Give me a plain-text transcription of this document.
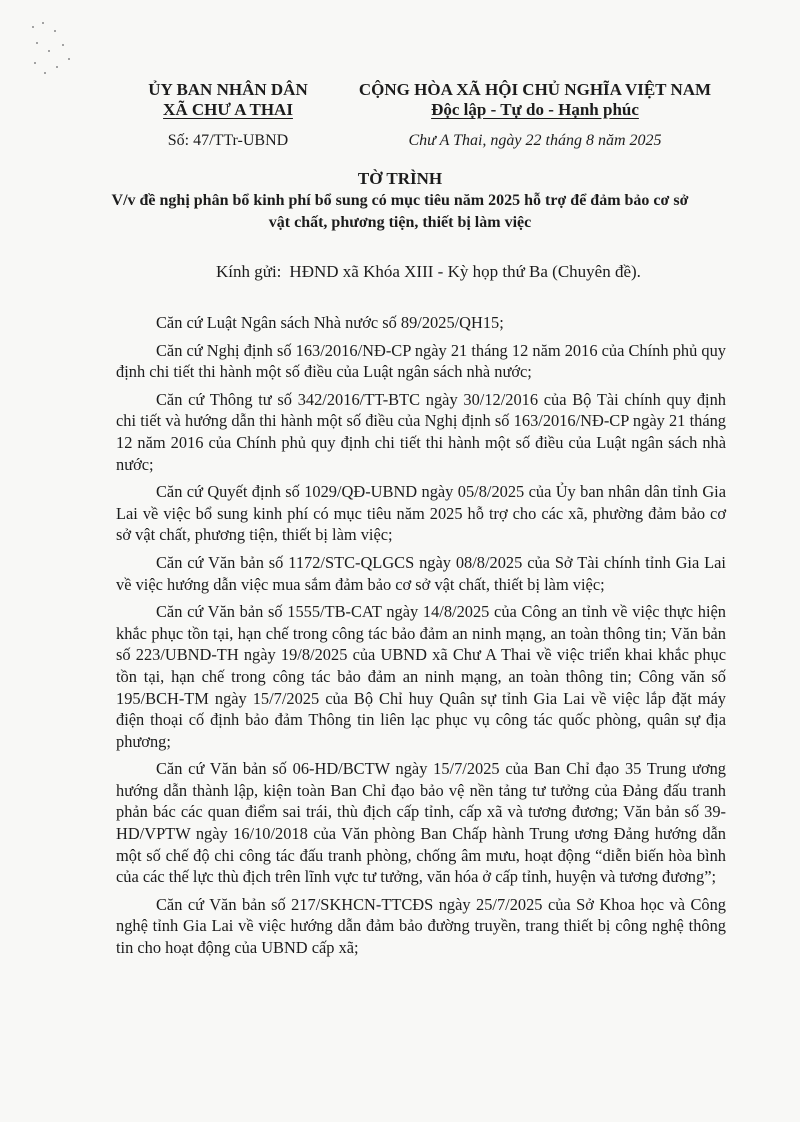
ỦY BAN NHÂN DÂN
XÃ CHƯ A THAI
Số: 47/TTr-UBND
CỘNG HÒA XÃ HỘI CHỦ NGHĨA VIỆT NAM
Độc lập - Tự do - Hạnh phúc
Chư A Thai, ngày 22 tháng 8 năm 2025
TỜ TRÌNH
V/v đề nghị phân bổ kinh phí bổ sung có mục tiêu năm 2025 hỗ trợ để đảm bảo cơ sở vật chất, phương tiện, thiết bị làm việc
Kính gửi: HĐND xã Khóa XIII - Kỳ họp thứ Ba (Chuyên đề).

Căn cứ Luật Ngân sách Nhà nước số 89/2025/QH15;

Căn cứ Nghị định số 163/2016/NĐ-CP ngày 21 tháng 12 năm 2016 của Chính phủ quy định chi tiết thi hành một số điều của Luật ngân sách nhà nước;

Căn cứ Thông tư số 342/2016/TT-BTC ngày 30/12/2016 của Bộ Tài chính quy định chi tiết và hướng dẫn thi hành một số điều của Nghị định số 163/2016/NĐ-CP ngày 21 tháng 12 năm 2016 của Chính phủ quy định chi tiết thi hành một số điều của Luật ngân sách nhà nước;

Căn cứ Quyết định số 1029/QĐ-UBND ngày 05/8/2025 của Ủy ban nhân dân tỉnh Gia Lai về việc bổ sung kinh phí có mục tiêu năm 2025 hỗ trợ cho các xã, phường đảm bảo cơ sở vật chất, phương tiện, thiết bị làm việc;

Căn cứ Văn bản số 1172/STC-QLGCS ngày 08/8/2025 của Sở Tài chính tỉnh Gia Lai về việc hướng dẫn việc mua sắm đảm bảo cơ sở vật chất, thiết bị làm việc;

Căn cứ Văn bản số 1555/TB-CAT ngày 14/8/2025 của Công an tỉnh về việc thực hiện khắc phục tồn tại, hạn chế trong công tác bảo đảm an ninh mạng, an toàn thông tin; Văn bản số 223/UBND-TH ngày 19/8/2025 của UBND xã Chư A Thai về việc triển khai khắc phục tồn tại, hạn chế trong công tác bảo đảm an ninh mạng, an toàn thông tin; Công văn số 195/BCH-TM ngày 15/7/2025 của Bộ Chỉ huy Quân sự tỉnh Gia Lai về việc lắp đặt máy điện thoại cố định bảo đảm Thông tin liên lạc phục vụ công tác quốc phòng, quân sự địa phương;

Căn cứ Văn bản số 06-HD/BCTW ngày 15/7/2025 của Ban Chỉ đạo 35 Trung ương hướng dẫn thành lập, kiện toàn Ban Chỉ đạo bảo vệ nền tảng tư tưởng của Đảng đấu tranh phản bác các quan điểm sai trái, thù địch cấp tỉnh, cấp xã và tương đương; Văn bản số 39-HD/VPTW ngày 16/10/2018 của Văn phòng Ban Chấp hành Trung ương Đảng hướng dẫn một số chế độ chi công tác đấu tranh phòng, chống âm mưu, hoạt động “diễn biến hòa bình của các thế lực thù địch trên lĩnh vực tư tưởng, văn hóa ở cấp tỉnh, huyện và tương đương”;

Căn cứ Văn bản số 217/SKHCN-TTCĐS ngày 25/7/2025 của Sở Khoa học và Công nghệ tỉnh Gia Lai về việc hướng dẫn đảm bảo đường truyền, trang thiết bị công nghệ thông tin cho hoạt động của UBND cấp xã;
